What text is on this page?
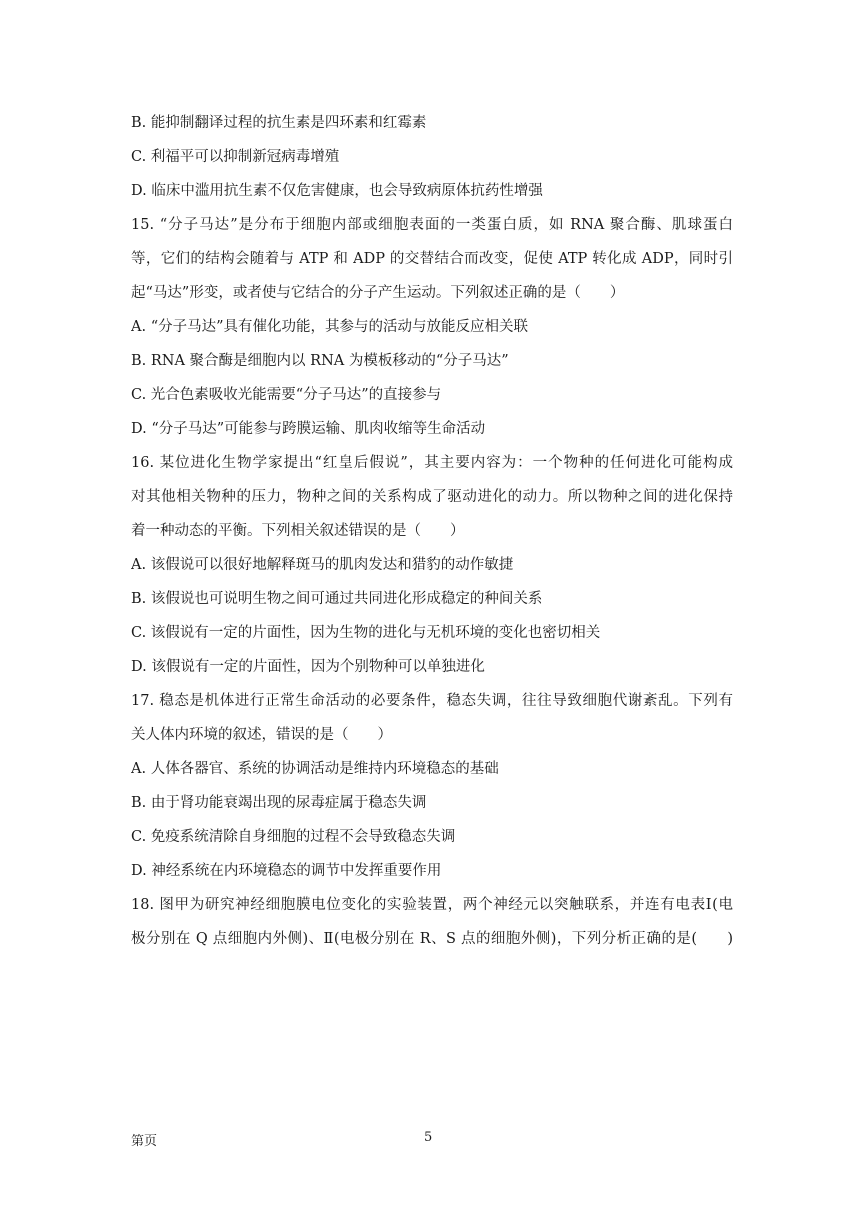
B. 能抑制翻译过程的抗生素是四环素和红霉素
C. 利福平可以抑制新冠病毒增殖
D. 临床中滥用抗生素不仅危害健康，也会导致病原体抗药性增强
15. “分子马达”是分布于细胞内部或细胞表面的一类蛋白质，如 RNA 聚合酶、肌球蛋白
等，它们的结构会随着与 ATP 和 ADP 的交替结合而改变，促使 ATP 转化成 ADP，同时引
起“马达”形变，或者使与它结合的分子产生运动。下列叙述正确的是（　　）
A. “分子马达”具有催化功能，其参与的活动与放能反应相关联
B. RNA 聚合酶是细胞内以 RNA 为模板移动的“分子马达”
C. 光合色素吸收光能需要“分子马达”的直接参与
D. “分子马达”可能参与跨膜运输、肌肉收缩等生命活动
16. 某位进化生物学家提出“红皇后假说”，其主要内容为：一个物种的任何进化可能构成
对其他相关物种的压力，物种之间的关系构成了驱动进化的动力。所以物种之间的进化保持
着一种动态的平衡。下列相关叙述错误的是（　　）
A. 该假说可以很好地解释斑马的肌肉发达和猎豹的动作敏捷
B. 该假说也可说明生物之间可通过共同进化形成稳定的种间关系
C. 该假说有一定的片面性，因为生物的进化与无机环境的变化也密切相关
D. 该假说有一定的片面性，因为个别物种可以单独进化
17. 稳态是机体进行正常生命活动的必要条件，稳态失调，往往导致细胞代谢紊乱。下列有
关人体内环境的叙述，错误的是（　　）
A. 人体各器官、系统的协调活动是维持内环境稳态的基础
B. 由于肾功能衰竭出现的尿毒症属于稳态失调
C. 免疫系统清除自身细胞的过程不会导致稳态失调
D. 神经系统在内环境稳态的调节中发挥重要作用
18. 图甲为研究神经细胞膜电位变化的实验装置，两个神经元以突触联系，并连有电表Ⅰ(电
极分别在 Q 点细胞内外侧)、Ⅱ(电极分别在 R、S 点的细胞外侧)，下列分析正确的是(　　)
第页	5
